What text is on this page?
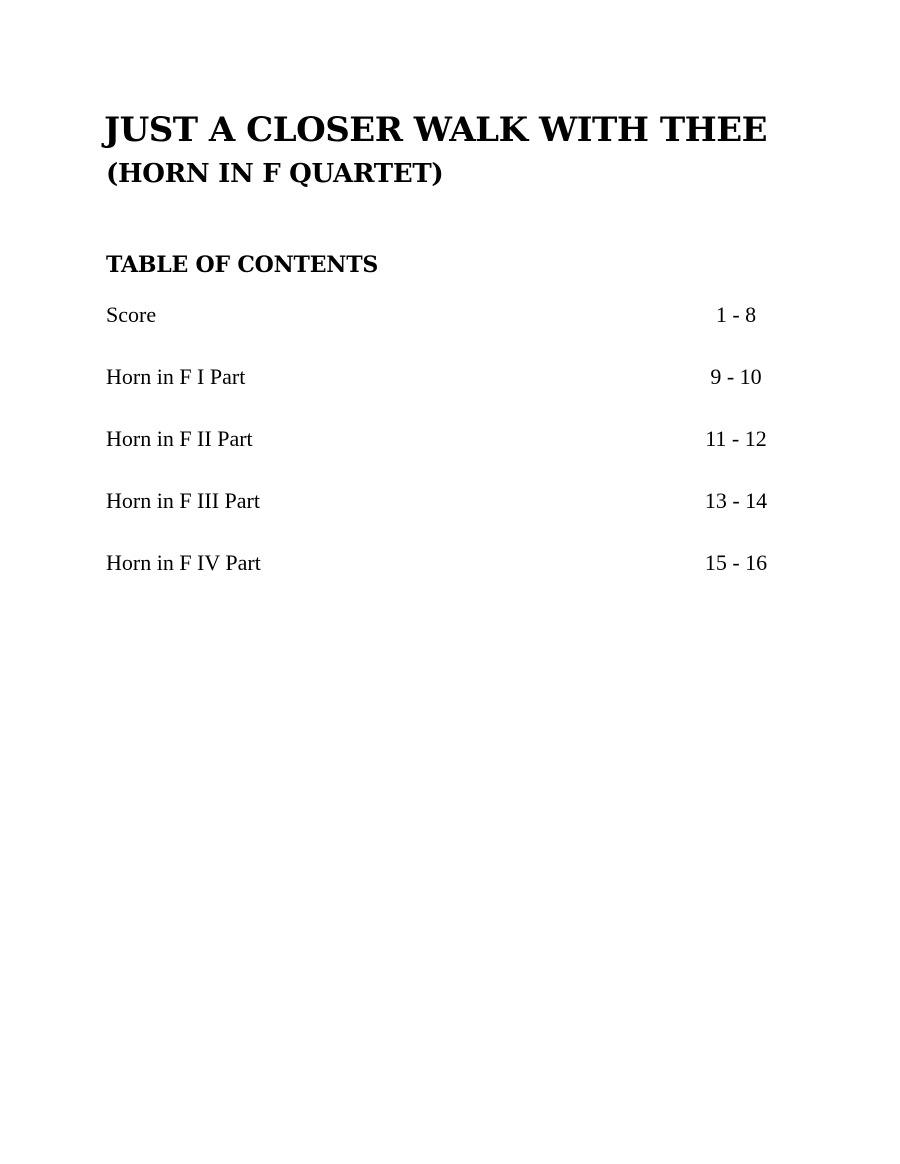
JUST A CLOSER WALK WITH THEE
(HORN IN F QUARTET)
TABLE OF CONTENTS
Score	1 - 8
Horn in F I Part	9 - 10
Horn in F II Part	11 - 12
Horn in F III Part	13 - 14
Horn in F IV Part	15 - 16
